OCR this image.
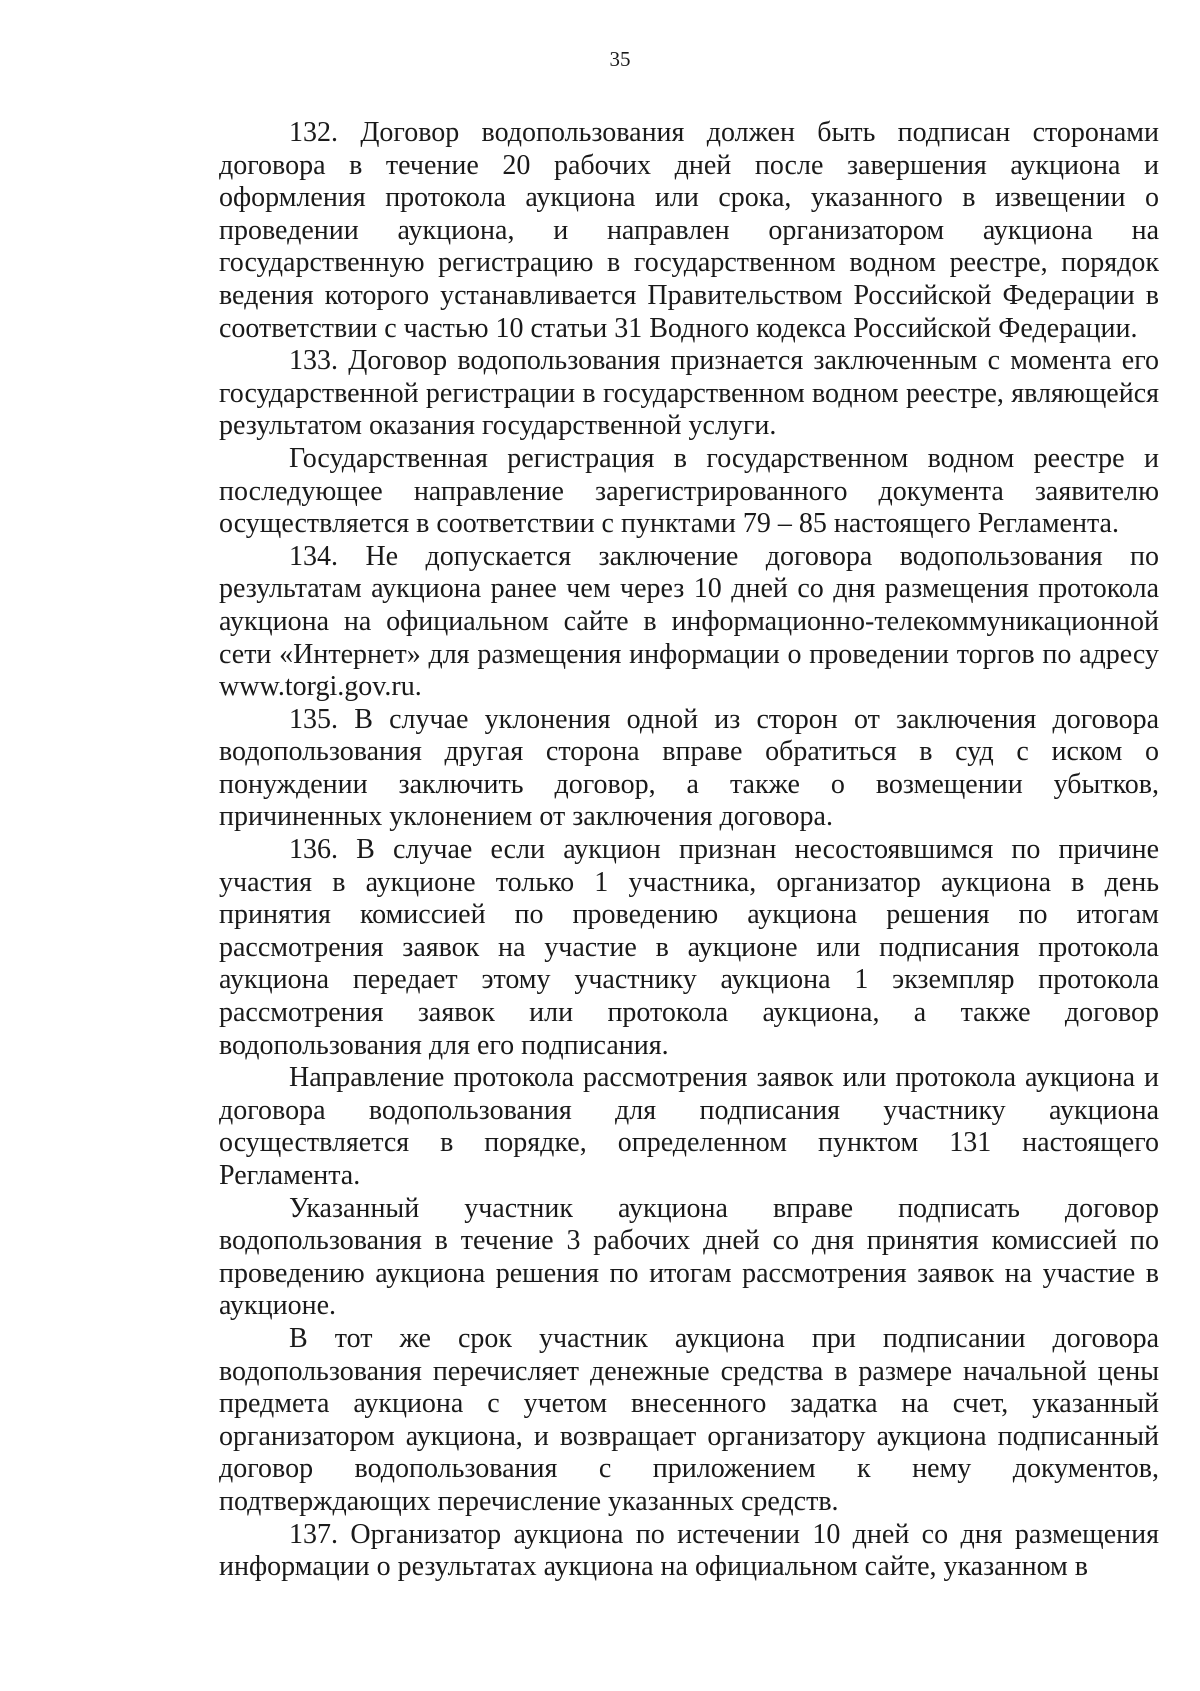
35

132. Договор водопользования должен быть подписан сторонами договора в течение 20 рабочих дней после завершения аукциона и оформления протокола аукциона или срока, указанного в извещении о проведении аукциона, и направлен организатором аукциона на государственную регистрацию в государственном водном реестре, порядок ведения которого устанавливается Правительством Российской Федерации в соответствии с частью 10 статьи 31 Водного кодекса Российской Федерации.

133. Договор водопользования признается заключенным с момента его государственной регистрации в государственном водном реестре, являющейся результатом оказания государственной услуги.

Государственная регистрация в государственном водном реестре и последующее направление зарегистрированного документа заявителю осуществляется в соответствии с пунктами 79 – 85 настоящего Регламента.

134. Не допускается заключение договора водопользования по результатам аукциона ранее чем через 10 дней со дня размещения протокола аукциона на официальном сайте в информационно-телекоммуникационной сети «Интернет» для размещения информации о проведении торгов по адресу www.torgi.gov.ru.

135. В случае уклонения одной из сторон от заключения договора водопользования другая сторона вправе обратиться в суд с иском о понуждении заключить договор, а также о возмещении убытков, причиненных уклонением от заключения договора.

136. В случае если аукцион признан несостоявшимся по причине участия в аукционе только 1 участника, организатор аукциона в день принятия комиссией по проведению аукциона решения по итогам рассмотрения заявок на участие в аукционе или подписания протокола аукциона передает этому участнику аукциона 1 экземпляр протокола рассмотрения заявок или протокола аукциона, а также договор водопользования для его подписания.

Направление протокола рассмотрения заявок или протокола аукциона и договора водопользования для подписания участнику аукциона осуществляется в порядке, определенном пунктом 131 настоящего Регламента.

Указанный участник аукциона вправе подписать договор водопользования в течение 3 рабочих дней со дня принятия комиссией по проведению аукциона решения по итогам рассмотрения заявок на участие в аукционе.

В тот же срок участник аукциона при подписании договора водопользования перечисляет денежные средства в размере начальной цены предмета аукциона с учетом внесенного задатка на счет, указанный организатором аукциона, и возвращает организатору аукциона подписанный договор водопользования с приложением к нему документов, подтверждающих перечисление указанных средств.

137. Организатор аукциона по истечении 10 дней со дня размещения информации о результатах аукциона на официальном сайте, указанном в
